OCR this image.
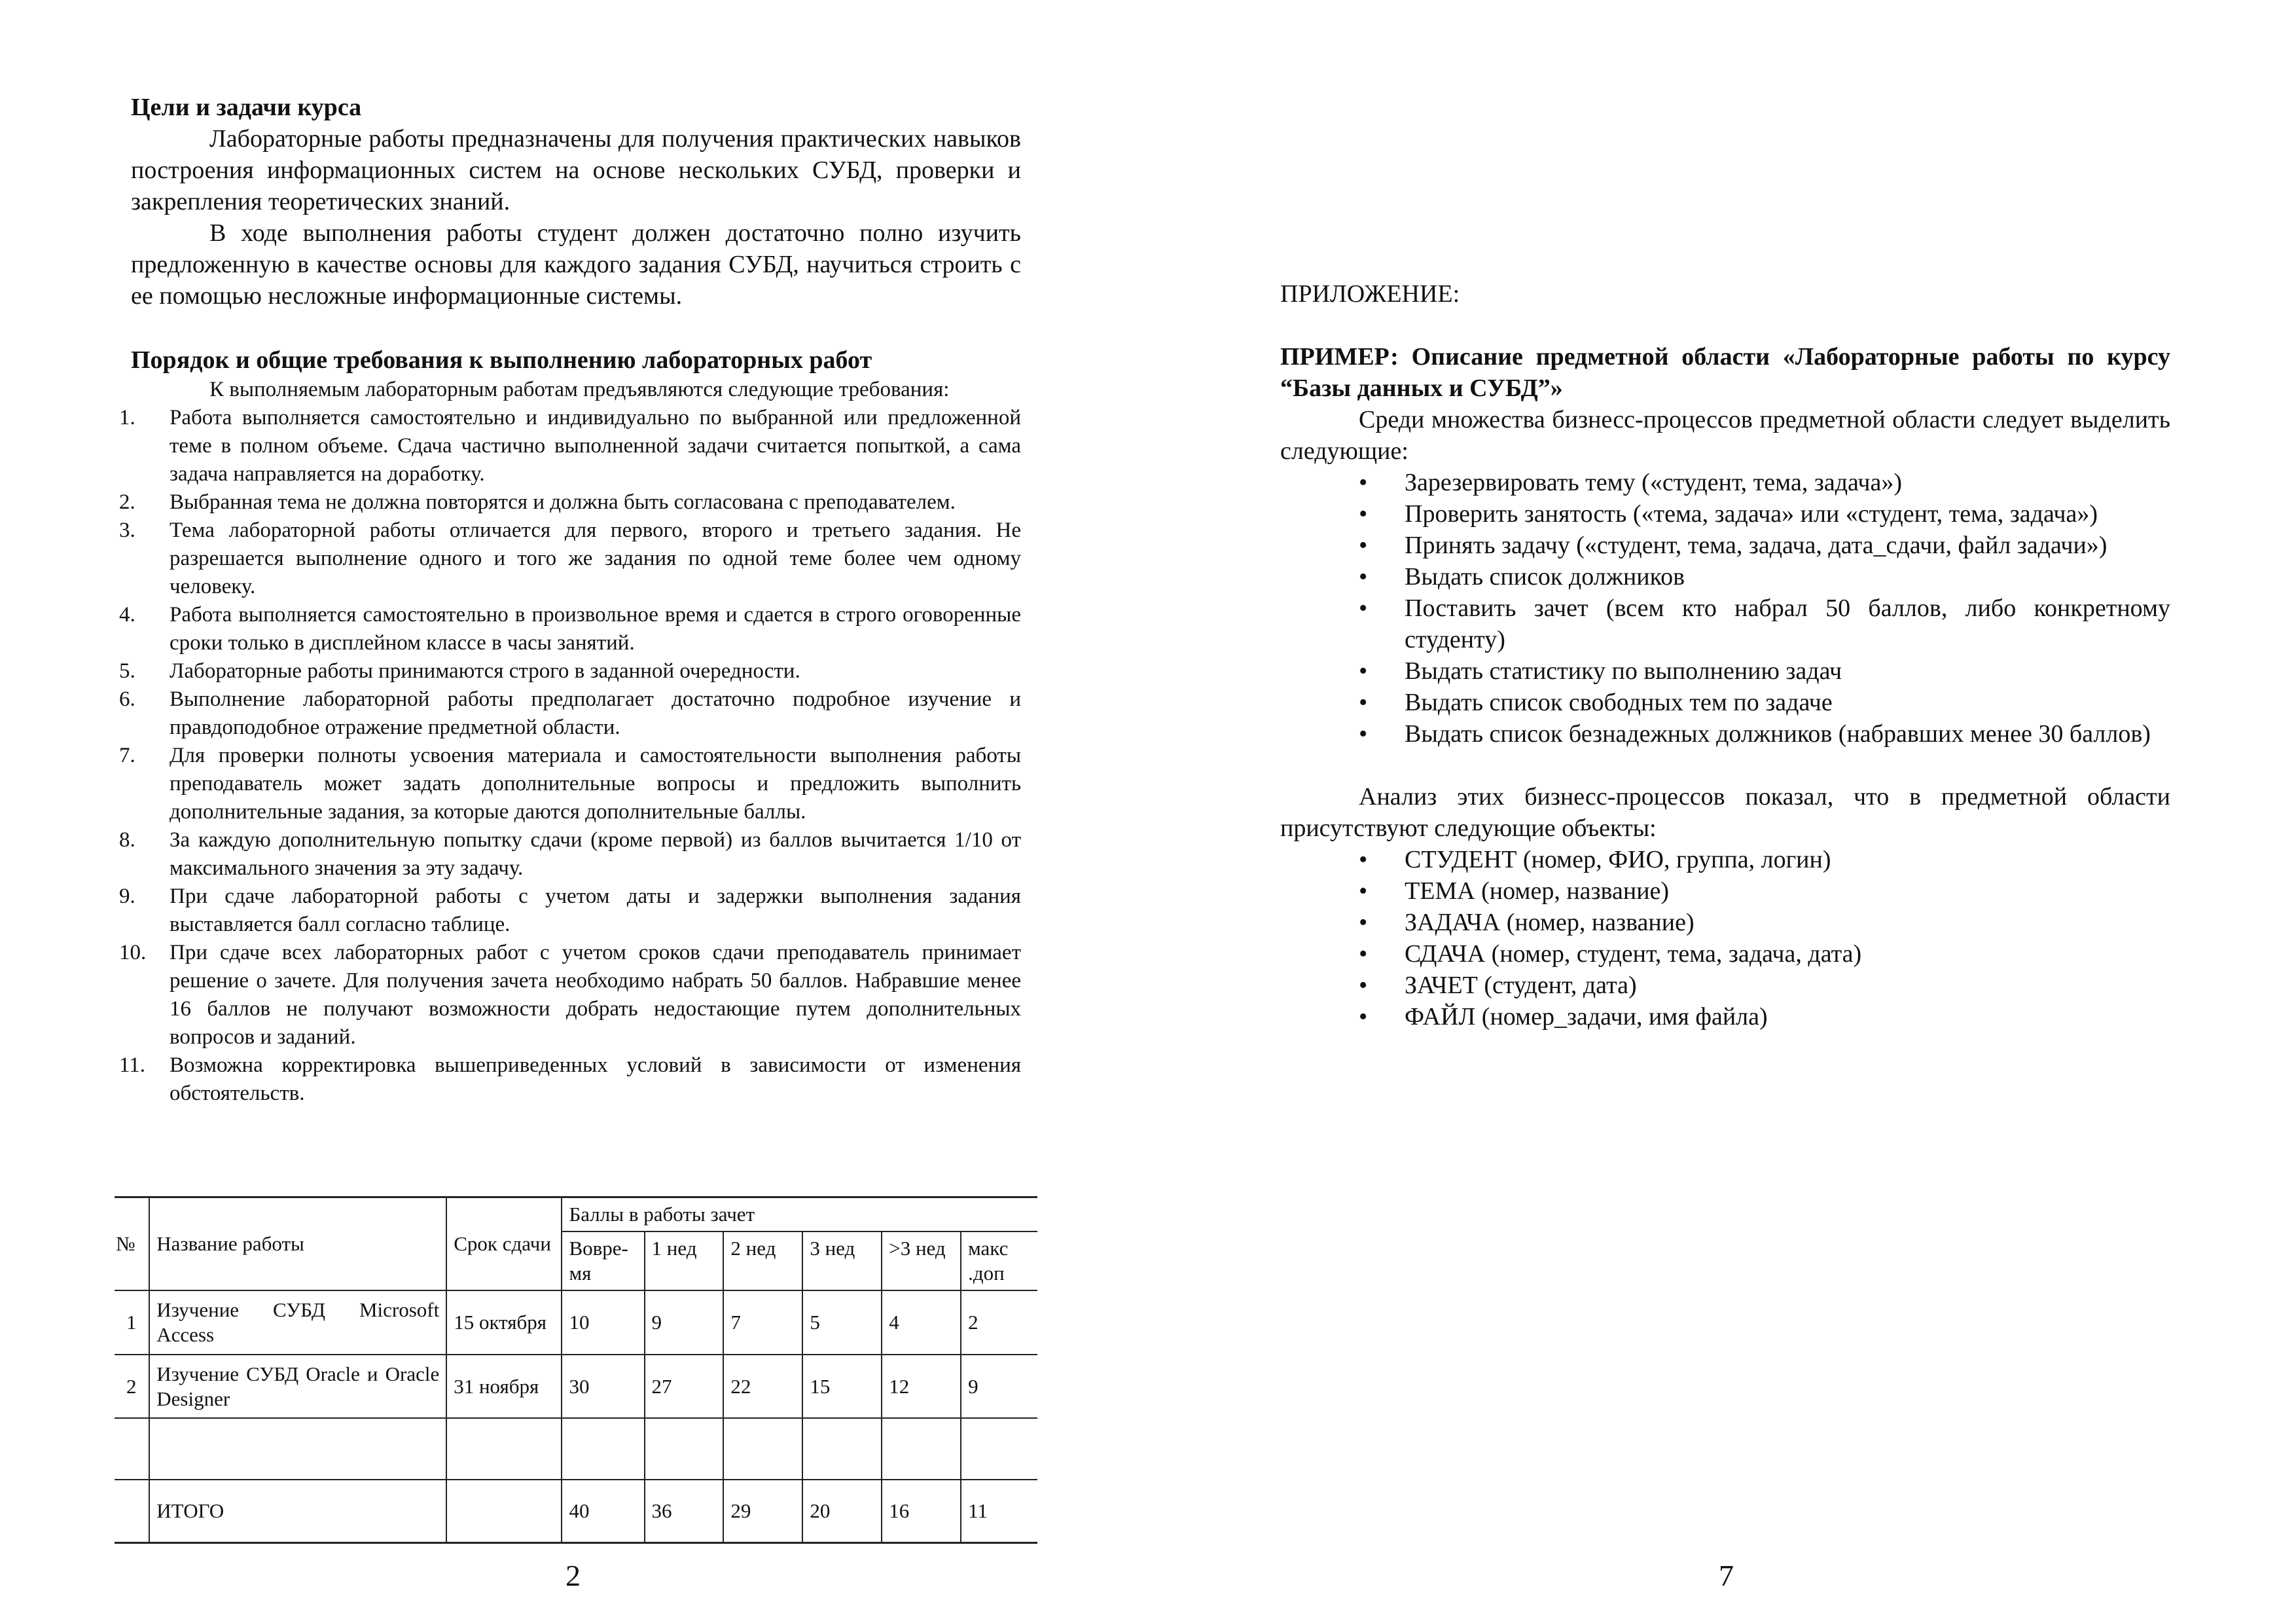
Цели и задачи курса

Лабораторные работы предназначены для получения практических навыков построения информационных систем на основе нескольких СУБД, проверки и закрепления теоретических знаний.

В ходе выполнения работы студент должен достаточно полно изучить предложенную в качестве основы для каждого задания СУБД, научиться строить с ее помощью несложные информационные системы.

Порядок и общие требования к выполнению лабораторных работ

К выполняемым лабораторным работам предъявляются следующие требования:

1. Работа выполняется самостоятельно и индивидуально по выбранной или предложенной теме в полном объеме. Сдача частично выполненной задачи считается попыткой, а сама задача направляется на доработку.
2. Выбранная тема не должна повторятся и должна быть согласована с преподавателем.
3. Тема лабораторной работы отличается для первого, второго и третьего задания. Не разрешается выполнение одного и того же задания по одной теме более чем одному человеку.
4. Работа выполняется самостоятельно в произвольное время и сдается в строго оговоренные сроки только в дисплейном классе в часы занятий.
5. Лабораторные работы принимаются строго в заданной очередности.
6. Выполнение лабораторной работы предполагает достаточно подробное изучение и правдоподобное отражение предметной области.
7. Для проверки полноты усвоения материала и самостоятельности выполнения работы преподаватель может задать дополнительные вопросы и предложить выполнить дополнительные задания, за которые даются дополнительные баллы.
8. За каждую дополнительную попытку сдачи (кроме первой) из баллов вычитается 1/10 от максимального значения за эту задачу.
9. При сдаче лабораторной работы с учетом даты и задержки выполнения задания выставляется балл согласно таблице.
10. При сдаче всех лабораторных работ с учетом сроков сдачи преподаватель принимает решение о зачете. Для получения зачета необходимо набрать 50 баллов. Набравшие менее 16 баллов не получают возможности добрать недостающие путем дополнительных вопросов и заданий.
11. Возможна корректировка вышеприведенных условий в зависимости от изменения обстоятельств.
№	Название работы	Срок сдачи	Баллы в работы зачет					
			Вовре-мя	1 нед	2 нед	3 нед	>3 нед	макс .доп
1	Изучение СУБД Microsoft Access	15 октября	10	9	7	5	4	2
2	Изучение СУБД Oracle и Oracle Designer	31 ноября	30	27	22	15	12	9

	ИТОГО		40	36	29	20	16	11
2	7

ПРИЛОЖЕНИЕ:

ПРИМЕР: Описание предметной области «Лабораторные работы по курсу “Базы данных и СУБД”»

Среди множества бизнесс-процессов предметной области следует выделить следующие:

• Зарезервировать тему («студент, тема, задача»)
• Проверить занятость («тема, задача» или «студент, тема, задача»)
• Принять задачу («студент, тема, задача, дата_сдачи, файл задачи»)
• Выдать список должников
• Поставить зачет (всем кто набрал 50 баллов, либо конкретному студенту)
• Выдать статистику по выполнению задач
• Выдать список свободных тем по задаче
• Выдать список безнадежных должников (набравших менее 30 баллов)

Анализ этих бизнесс-процессов показал, что в предметной области присутствуют следующие объекты:

• СТУДЕНТ (номер, ФИО, группа, логин)
• ТЕМА (номер, название)
• ЗАДАЧА (номер, название)
• СДАЧА (номер, студент, тема, задача, дата)
• ЗАЧЕТ (студент, дата)
• ФАЙЛ (номер_задачи, имя файла)
